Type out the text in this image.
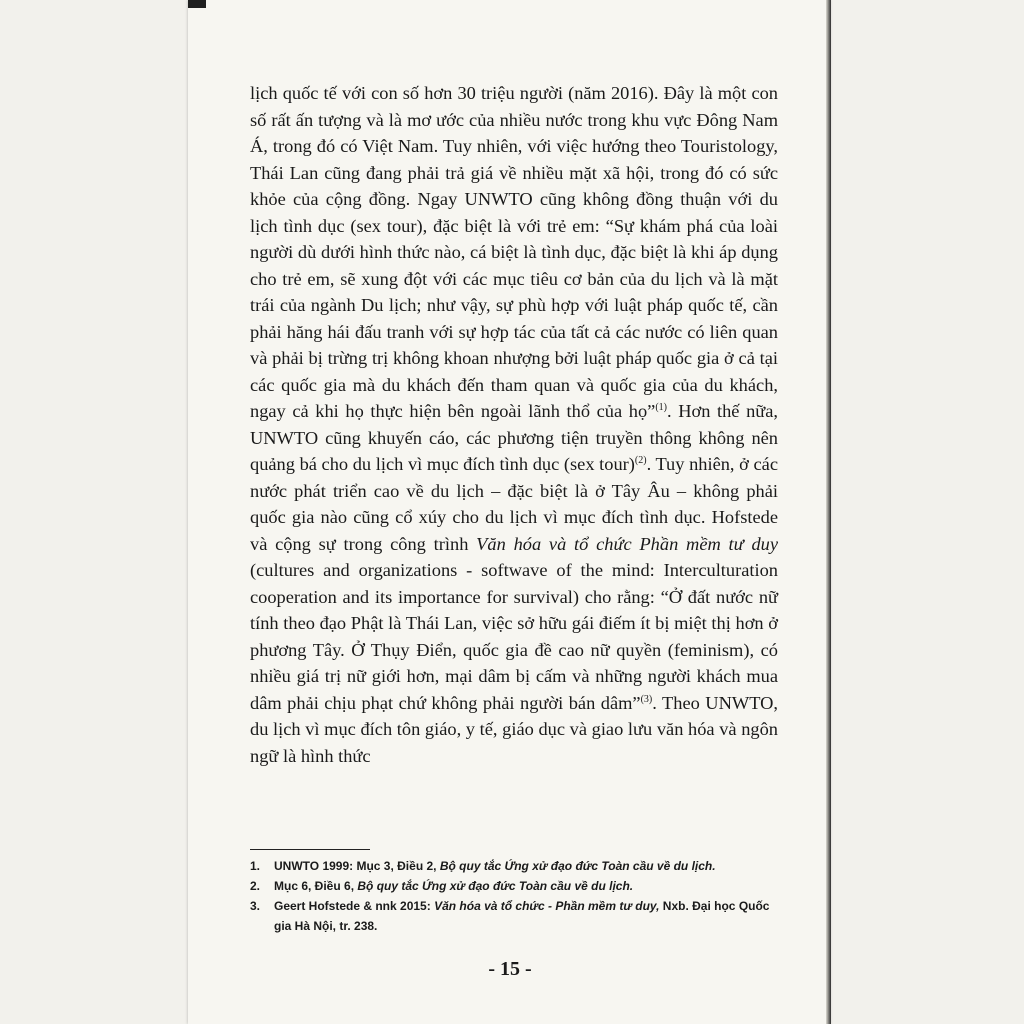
lịch quốc tế với con số hơn 30 triệu người (năm 2016). Đây là một con số rất ấn tượng và là mơ ước của nhiều nước trong khu vực Đông Nam Á, trong đó có Việt Nam. Tuy nhiên, với việc hướng theo Touristology, Thái Lan cũng đang phải trả giá về nhiều mặt xã hội, trong đó có sức khỏe của cộng đồng. Ngay UNWTO cũng không đồng thuận với du lịch tình dục (sex tour), đặc biệt là với trẻ em: “Sự khám phá của loài người dù dưới hình thức nào, cá biệt là tình dục, đặc biệt là khi áp dụng cho trẻ em, sẽ xung đột với các mục tiêu cơ bản của du lịch và là mặt trái của ngành Du lịch; như vậy, sự phù hợp với luật pháp quốc tế, cần phải hăng hái đấu tranh với sự hợp tác của tất cả các nước có liên quan và phải bị trừng trị không khoan nhượng bởi luật pháp quốc gia ở cả tại các quốc gia mà du khách đến tham quan và quốc gia của du khách, ngay cả khi họ thực hiện bên ngoài lãnh thổ của họ”$^{(1)}$. Hơn thế nữa, UNWTO cũng khuyến cáo, các phương tiện truyền thông không nên quảng bá cho du lịch vì mục đích tình dục (sex tour)$^{(2)}$. Tuy nhiên, ở các nước phát triển cao về du lịch – đặc biệt là ở Tây Âu – không phải quốc gia nào cũng cổ xúy cho du lịch vì mục đích tình dục. Hofstede và cộng sự trong công trình Văn hóa và tổ chức Phần mềm tư duy (cultures and organizations - softwave of the mind: Interculturation cooperation and its importance for survival) cho rằng: “Ở đất nước nữ tính theo đạo Phật là Thái Lan, việc sở hữu gái điếm ít bị miệt thị hơn ở phương Tây. Ở Thụy Điển, quốc gia đề cao nữ quyền (feminism), có nhiều giá trị nữ giới hơn, mại dâm bị cấm và những người khách mua dâm phải chịu phạt chứ không phải người bán dâm”$^{(3)}$. Theo UNWTO, du lịch vì mục đích tôn giáo, y tế, giáo dục và giao lưu văn hóa và ngôn ngữ là hình thức

1.	UNWTO 1999: Mục 3, Điều 2, Bộ quy tắc Ứng xử đạo đức Toàn cầu về du lịch.
2.	Mục 6, Điều 6, Bộ quy tắc Ứng xử đạo đức Toàn cầu về du lịch.
3.	Geert Hofstede & nnk 2015: Văn hóa và tổ chức - Phần mềm tư duy, Nxb. Đại học Quốc gia Hà Nội, tr. 238.
- 15 -
